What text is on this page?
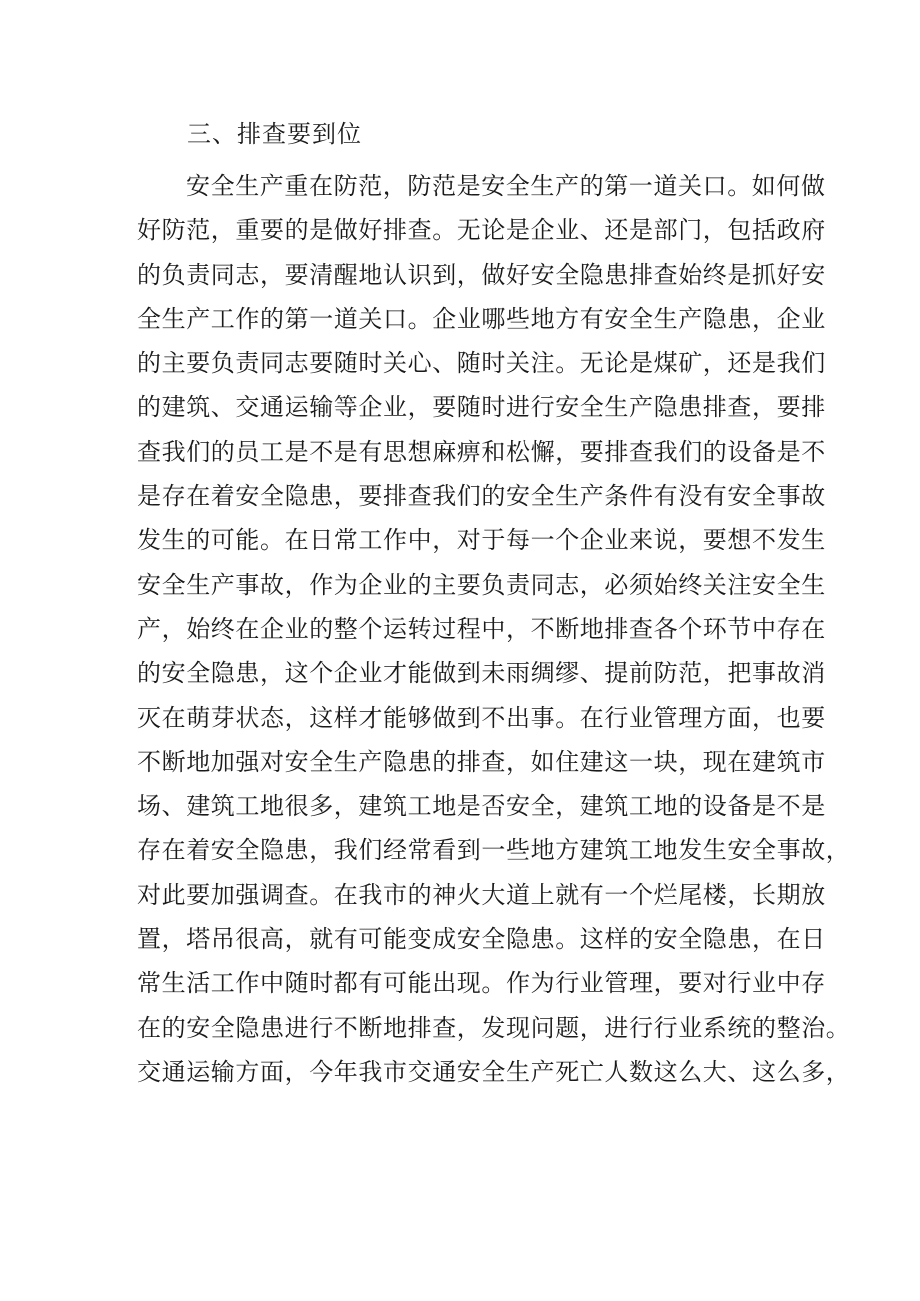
三、排查要到位
安全生产重在防范，防范是安全生产的第一道关口。如何做
好防范，重要的是做好排查。无论是企业、还是部门，包括政府
的负责同志，要清醒地认识到，做好安全隐患排查始终是抓好安
全生产工作的第一道关口。企业哪些地方有安全生产隐患，企业
的主要负责同志要随时关心、随时关注。无论是煤矿，还是我们
的建筑、交通运输等企业，要随时进行安全生产隐患排查，要排
查我们的员工是不是有思想麻痹和松懈，要排查我们的设备是不
是存在着安全隐患，要排查我们的安全生产条件有没有安全事故
发生的可能。在日常工作中，对于每一个企业来说，要想不发生
安全生产事故，作为企业的主要负责同志，必须始终关注安全生
产，始终在企业的整个运转过程中，不断地排查各个环节中存在
的安全隐患，这个企业才能做到未雨绸缪、提前防范，把事故消
灭在萌芽状态，这样才能够做到不出事。在行业管理方面，也要
不断地加强对安全生产隐患的排查，如住建这一块，现在建筑市
场、建筑工地很多，建筑工地是否安全，建筑工地的设备是不是
存在着安全隐患，我们经常看到一些地方建筑工地发生安全事故，
对此要加强调查。在我市的神火大道上就有一个烂尾楼，长期放
置，塔吊很高，就有可能变成安全隐患。这样的安全隐患，在日
常生活工作中随时都有可能出现。作为行业管理，要对行业中存
在的安全隐患进行不断地排查，发现问题，进行行业系统的整治。
交通运输方面，今年我市交通安全生产死亡人数这么大、这么多，
